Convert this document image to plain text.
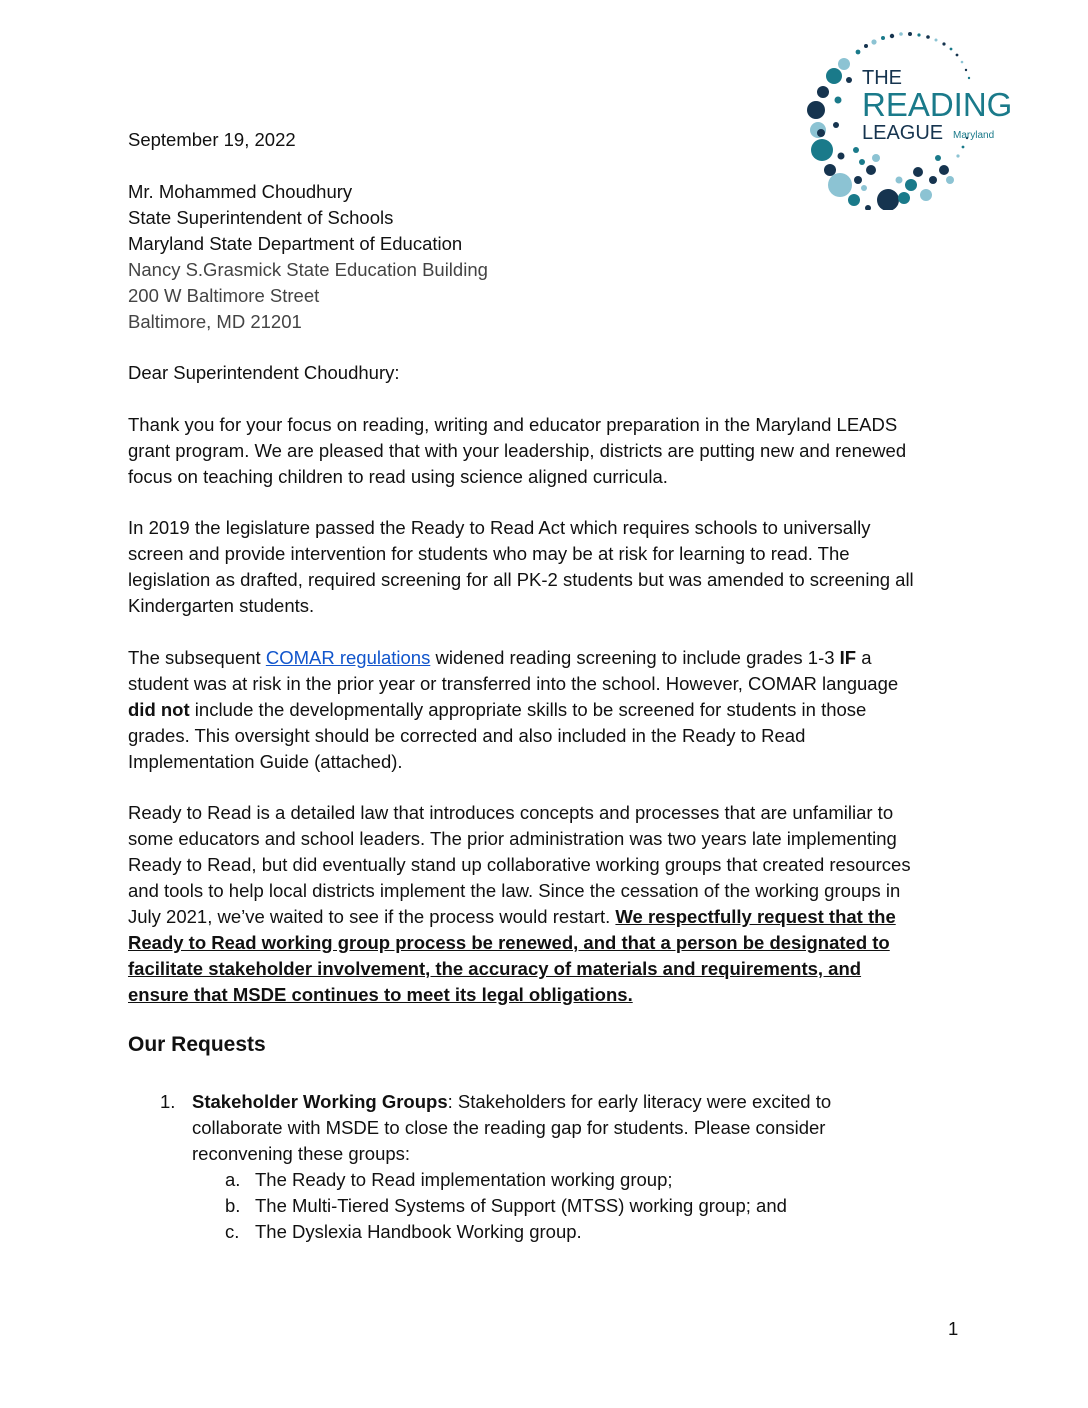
THE
READING
LEAGUE Maryland
September 19, 2022
Mr. Mohammed Choudhury
State Superintendent of Schools
Maryland State Department of Education
Nancy S.Grasmick State Education Building
200 W Baltimore Street
Baltimore, MD 21201
Dear Superintendent Choudhury:
Thank you for your focus on reading, writing and educator preparation in the Maryland LEADS
grant program. We are pleased that with your leadership, districts are putting new and renewed
focus on teaching children to read using science aligned curricula.
In 2019 the legislature passed the Ready to Read Act which requires schools to universally
screen and provide intervention for students who may be at risk for learning to read. The
legislation as drafted, required screening for all PK-2 students but was amended to screening all
Kindergarten students.
The subsequent COMAR regulations widened reading screening to include grades 1-3 IF a
student was at risk in the prior year or transferred into the school. However, COMAR language
did not include the developmentally appropriate skills to be screened for students in those
grades. This oversight should be corrected and also included in the Ready to Read
Implementation Guide (attached).
Ready to Read is a detailed law that introduces concepts and processes that are unfamiliar to
some educators and school leaders. The prior administration was two years late implementing
Ready to Read, but did eventually stand up collaborative working groups that created resources
and tools to help local districts implement the law. Since the cessation of the working groups in
July 2021, we’ve waited to see if the process would restart. We respectfully request that the
Ready to Read working group process be renewed, and that a person be designated to
facilitate stakeholder involvement, the accuracy of materials and requirements, and
ensure that MSDE continues to meet its legal obligations.
Our Requests
1. Stakeholder Working Groups: Stakeholders for early literacy were excited to
collaborate with MSDE to close the reading gap for students. Please consider
reconvening these groups:
a. The Ready to Read implementation working group;
b. The Multi-Tiered Systems of Support (MTSS) working group; and
c. The Dyslexia Handbook Working group.
1
